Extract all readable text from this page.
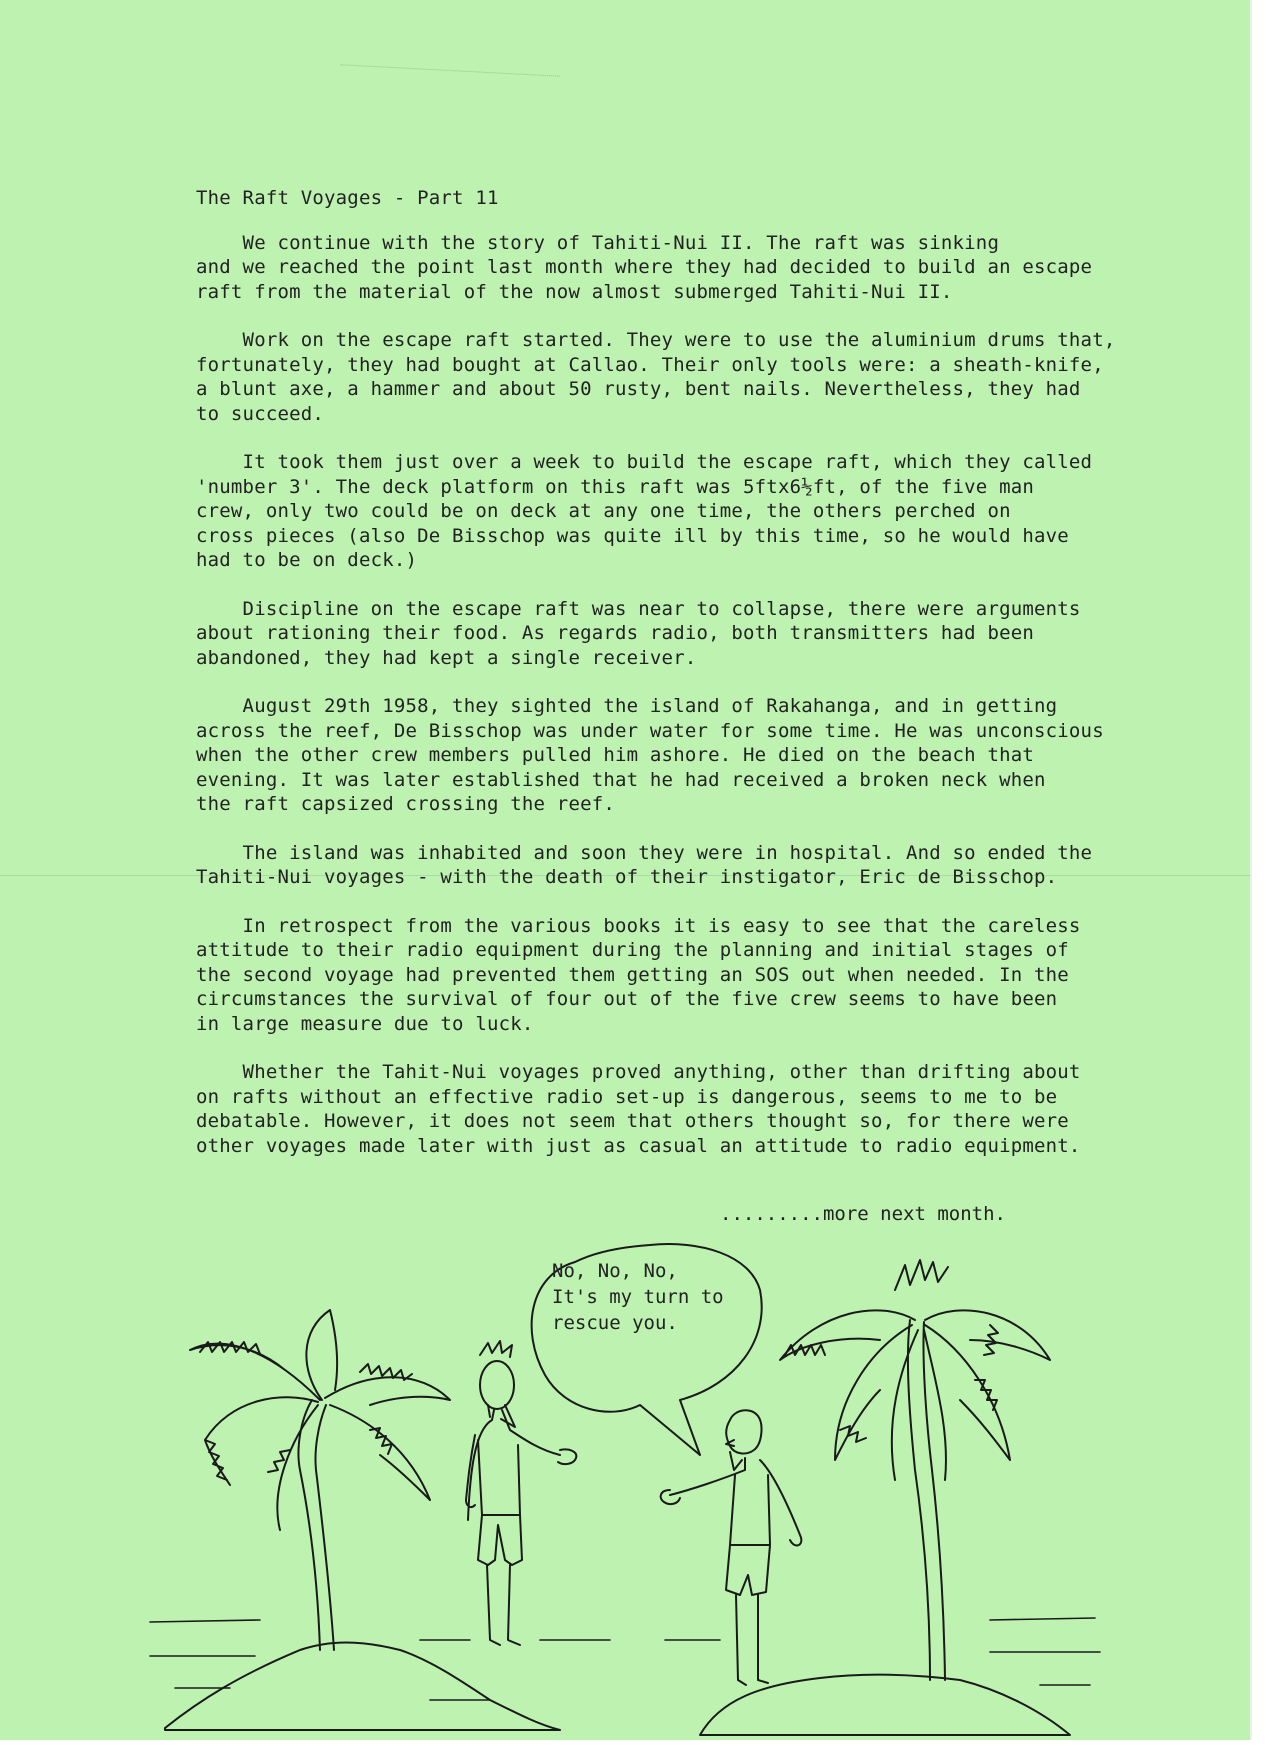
The Raft Voyages - Part 11
We continue with the story of Tahiti-Nui II. The raft was sinking
and we reached the point last month where they had decided to build an escape
raft from the material of the now almost submerged Tahiti-Nui II.
Work on the escape raft started. They were to use the aluminium drums that,
fortunately, they had bought at Callao. Their only tools were: a sheath-knife,
a blunt axe, a hammer and about 50 rusty, bent nails. Nevertheless, they had
to succeed.
It took them just over a week to build the escape raft, which they called
'number 3'. The deck platform on this raft was 5ftx6½ft, of the five man
crew, only two could be on deck at any one time, the others perched on
cross pieces (also De Bisschop was quite ill by this time, so he would have
had to be on deck.)
Discipline on the escape raft was near to collapse, there were arguments
about rationing their food. As regards radio, both transmitters had been
abandoned, they had kept a single receiver.
August 29th 1958, they sighted the island of Rakahanga, and in getting
across the reef, De Bisschop was under water for some time. He was unconscious
when the other crew members pulled him ashore. He died on the beach that
evening. It was later established that he had received a broken neck when
the raft capsized crossing the reef.
The island was inhabited and soon they were in hospital. And so ended the
Tahiti-Nui voyages - with the death of their instigator, Eric de Bisschop.
In retrospect from the various books it is easy to see that the careless
attitude to their radio equipment during the planning and initial stages of
the second voyage had prevented them getting an SOS out when needed. In the
circumstances the survival of four out of the five crew seems to have been
in large measure due to luck.
Whether the Tahit-Nui voyages proved anything, other than drifting about
on rafts without an effective radio set-up is dangerous, seems to me to be
debatable. However, it does not seem that others thought so, for there were
other voyages made later with just as casual an attitude to radio equipment.
.........more next month.
No, No, No,
It's my turn to
rescue you.
